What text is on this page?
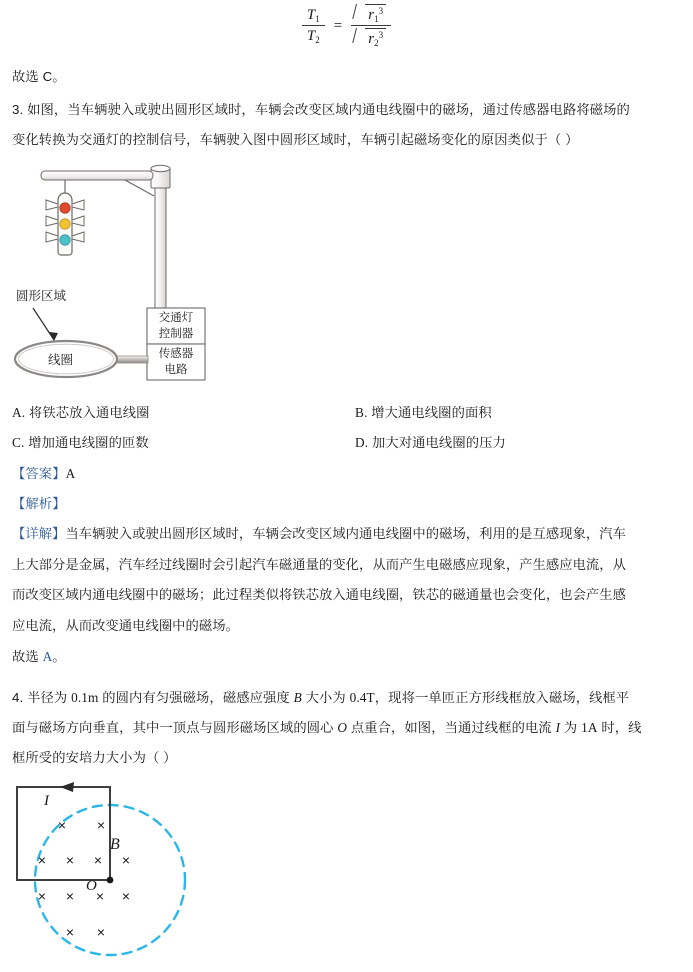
$\frac{T_1}{T_2} = \frac{r_1^3}{r_2^3}$
故选 C。
3. 如图，当车辆驶入或驶出圆形区域时，车辆会改变区域内通电线圈中的磁场，通过传感器电路将磁场的
变化转换为交通灯的控制信号，车辆驶入图中圆形区域时，车辆引起磁场变化的原因类似于（ ）
圆形区域
线圈
交通灯
控制器
传感器
电路
A. 将铁芯放入通电线圈	B. 增大通电线圈的面积
C. 增加通电线圈的匝数	D. 加大对通电线圈的压力
【答案】A
【解析】

【详解】当车辆驶入或驶出圆形区域时，车辆会改变区域内通电线圈中的磁场，利用的是互感现象，汽车

上大部分是金属，汽车经过线圈时会引起汽车磁通量的变化，从而产生电磁感应现象，产生感应电流，从

而改变区域内通电线圈中的磁场；此过程类似将铁芯放入通电线圈，铁芯的磁通量也会变化，也会产生感

应电流，从而改变通电线圈中的磁场。

故选 A。
4. 半径为 0.1m 的圆内有匀强磁场，磁感应强度 B 大小为 0.4T，现将一单匝正方形线框放入磁场，线框平
面与磁场方向垂直，其中一顶点与圆形磁场区域的圆心 O 点重合，如图，当通过线框的电流 I 为 1A 时，线
框所受的安培力大小为（ ）
× ×
× × × ×
× × × ×
× ×
I
B
O
